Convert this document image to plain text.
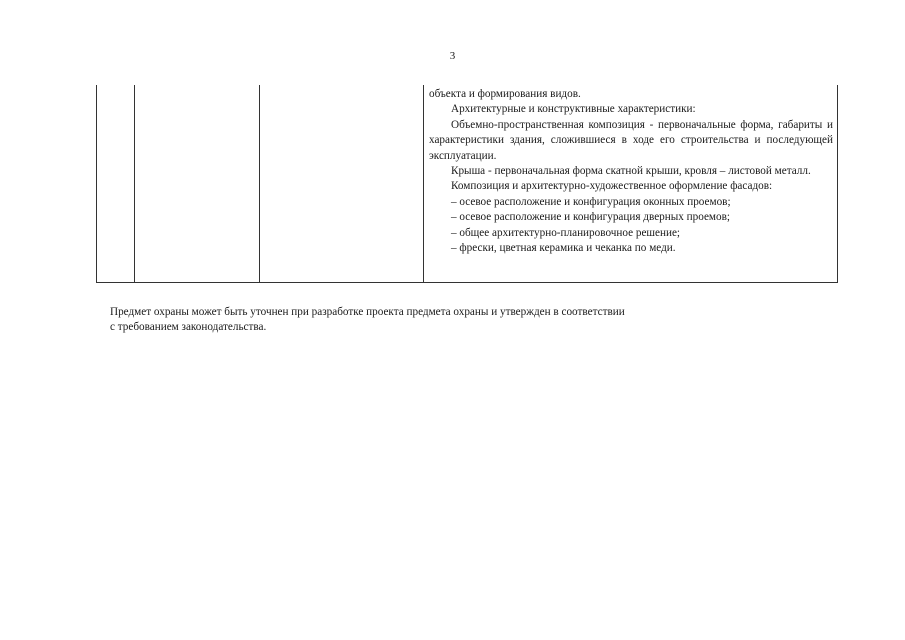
3

объекта и формирования видов.

Архитектурные и конструктивные характеристики:

Объемно-пространственная композиция - первоначальные форма, габариты и характеристики здания, сложившиеся в ходе его строительства и последующей эксплуатации.

Крыша - первоначальная форма скатной крыши, кровля – листовой металл.

Композиция и архитектурно-художественное оформление фасадов:

– осевое расположение и конфигурация оконных проемов;

– осевое расположение и конфигурация дверных проемов;

– общее архитектурно-планировочное решение;

– фрески, цветная керамика и чеканка по меди.

Предмет охраны может быть уточнен при разработке проекта предмета охраны и утвержден в соответствии

с требованием законодательства.
